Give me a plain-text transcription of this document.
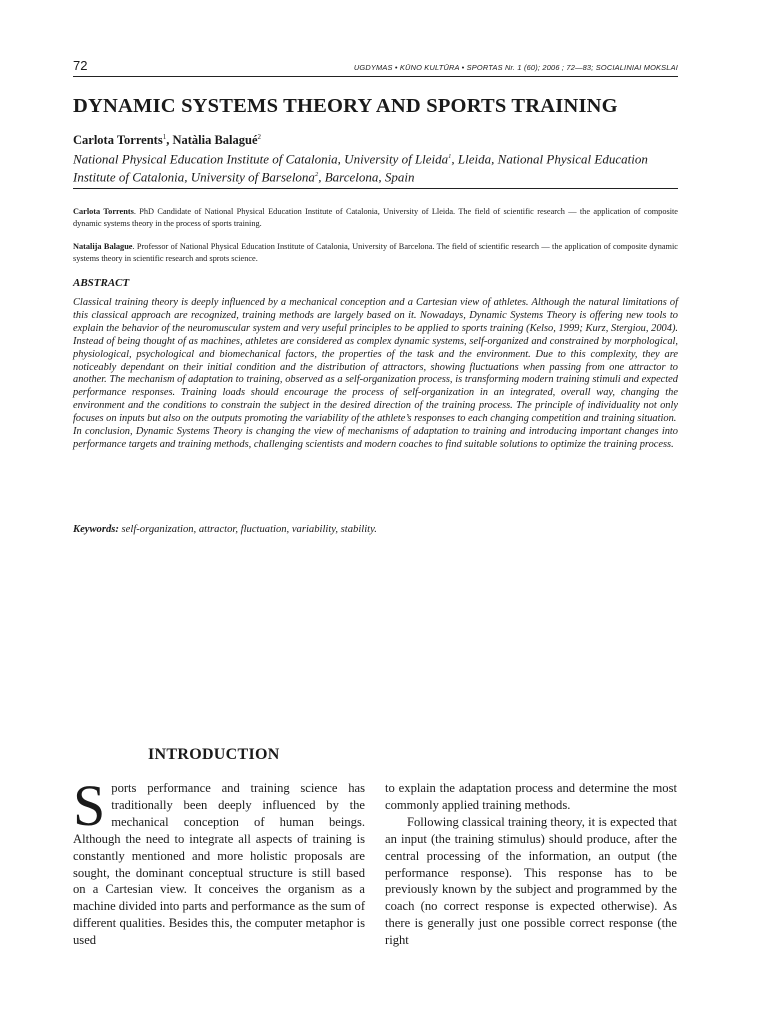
72	UGDYMAS • KŪNO KULTŪRA • SPORTAS Nr. 1 (60); 2006 ; 72—83; SOCIALINIAI MOKSLAI
DYNAMIC SYSTEMS THEORY AND SPORTS TRAINING
Carlota Torrents$^1$, Natàlia Balagué$^2$
National Physical Education Institute of Catalonia, University of Lleida$^1$, Lleida, National Physical Education Institute of Catalonia, University of Barselona$^2$, Barcelona, Spain
Carlota Torrents. PhD Candidate of National Physical Education Institute of Catalonia, University of Lleida. The field of scientific research — the application of composite dynamic systems theory in the process of sports training.
Natalija Balague. Professor of National Physical Education Institute of Catalonia, University of Barcelona. The field of scientific research — the application of composite dynamic systems theory in scientific research and sprots science.
ABSTRACT

Classical training theory is deeply influenced by a mechanical conception and a Cartesian view of athletes. Although the natural limitations of this classical approach are recognized, training methods are largely based on it. Nowadays, Dynamic Systems Theory is offering new tools to explain the behavior of the neuromuscular system and very useful principles to be applied to sports training (Kelso, 1999; Kurz, Stergiou, 2004). Instead of being thought of as machines, athletes are considered as complex dynamic systems, self-organized and constrained by morphological, physiological, psychological and biomechanical factors, the properties of the task and the environment. Due to this complexity, they are noticeably dependant on their initial condition and the distribution of attractors, showing fluctuations when passing from one attractor to another. The mechanism of adaptation to training, observed as a self-organization process, is transforming modern training stimuli and expected performance responses. Training loads should encourage the process of self-organization in an integrated, overall way, changing the environment and the conditions to constrain the subject in the desired direction of the training process. The principle of individuality not only focuses on inputs but also on the outputs promoting the variability of the athlete’s responses to each changing competition and training situation.

In conclusion, Dynamic Systems Theory is changing the view of mechanisms of adaptation to training and introducing important changes into performance targets and training methods, challenging scientists and modern coaches to find suitable solutions to optimize the training process.

Keywords: self-organization, attractor, fluctuation, variability, stability.
INTRODUCTION

Sports performance and training science has traditionally been deeply influenced by the mechanical conception of human beings. Although the need to integrate all aspects of training is constantly mentioned and more holistic proposals are sought, the dominant conceptual structure is still based on a Cartesian view. It conceives the organism as a machine divided into parts and performance as the sum of different qualities. Besides this, the computer metaphor is used

to explain the adaptation process and determine the most commonly applied training methods.

Following classical training theory, it is expected that an input (the training stimulus) should produce, after the central processing of the information, an output (the performance response). This response has to be previously known by the subject and programmed by the coach (no correct response is expected otherwise). As there is generally just one possible correct response (the right
